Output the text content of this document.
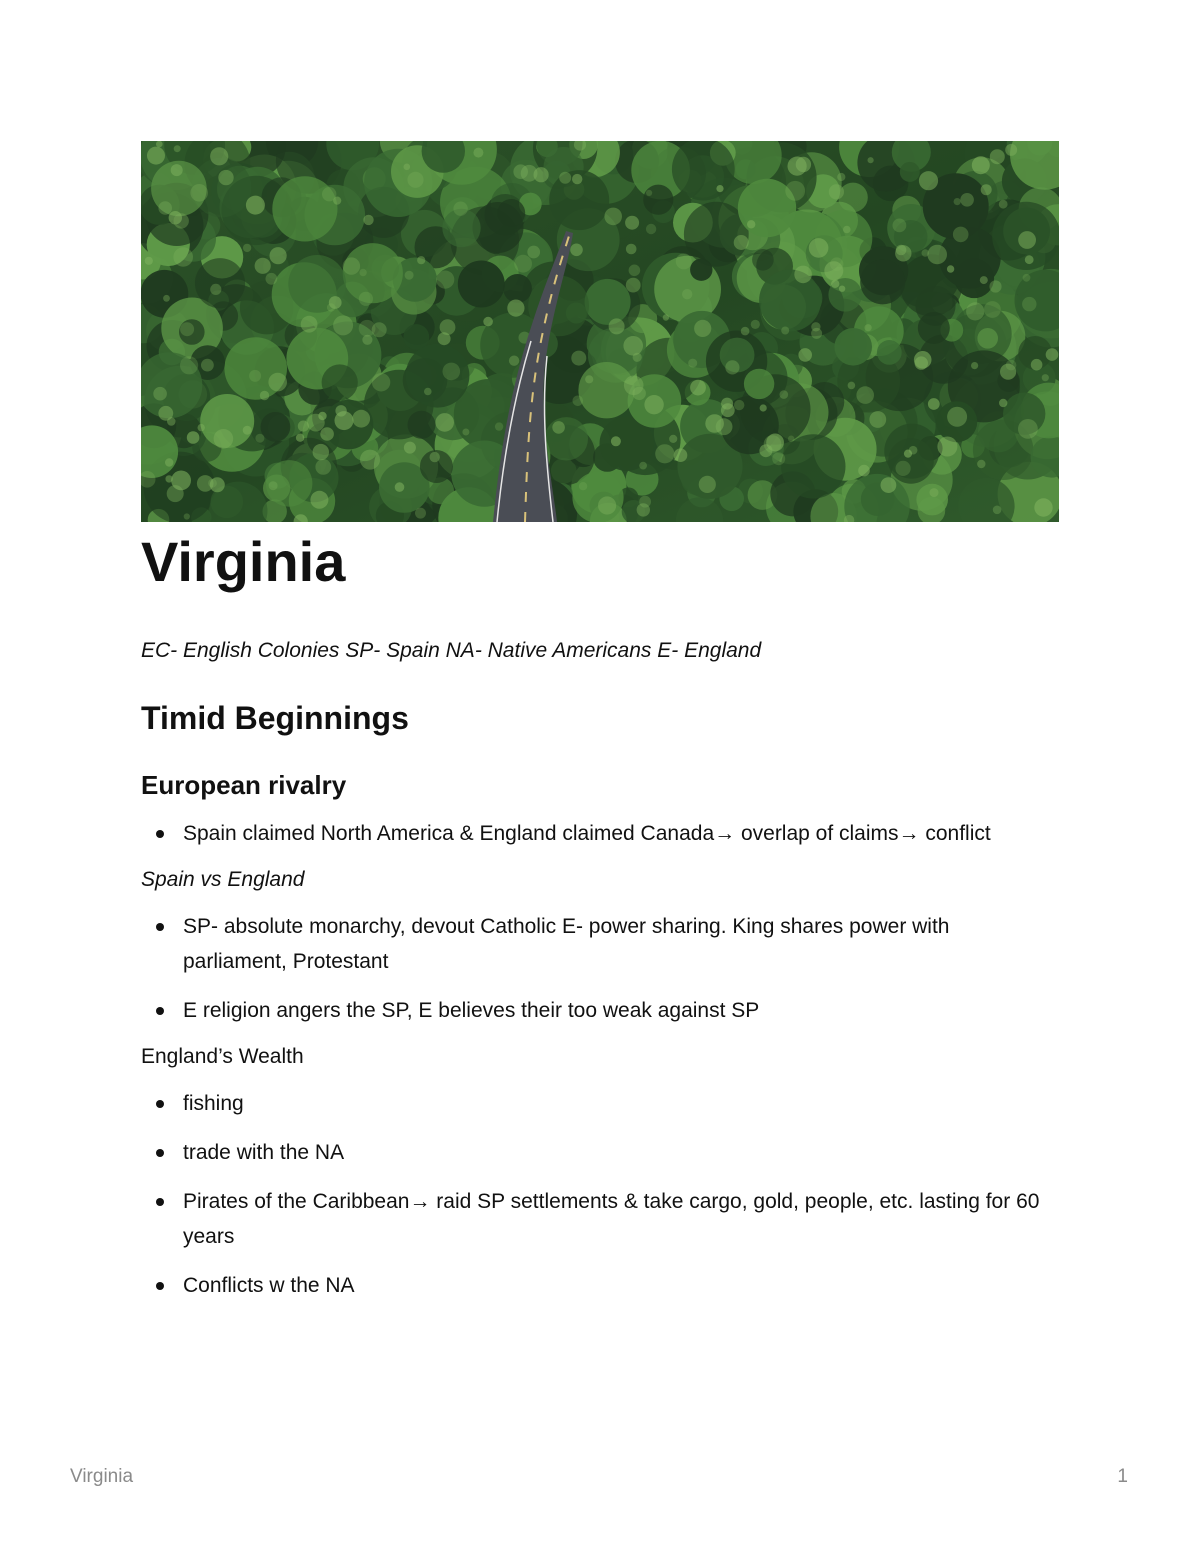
Virginia

EC- English Colonies SP- Spain NA- Native Americans E- England

Timid Beginnings
European rivalry
Spain claimed North America & England claimed Canada→ overlap of claims→ conflict

Spain vs England

SP- absolute monarchy, devout Catholic E- power sharing. King shares power with parliament, Protestant
E religion angers the SP, E believes their too weak against SP

England’s Wealth

fishing
trade with the NA
Pirates of the Caribbean→ raid SP settlements & take cargo, gold, people, etc. lasting for 60 years
Conflicts w the NA
Virginia	1
